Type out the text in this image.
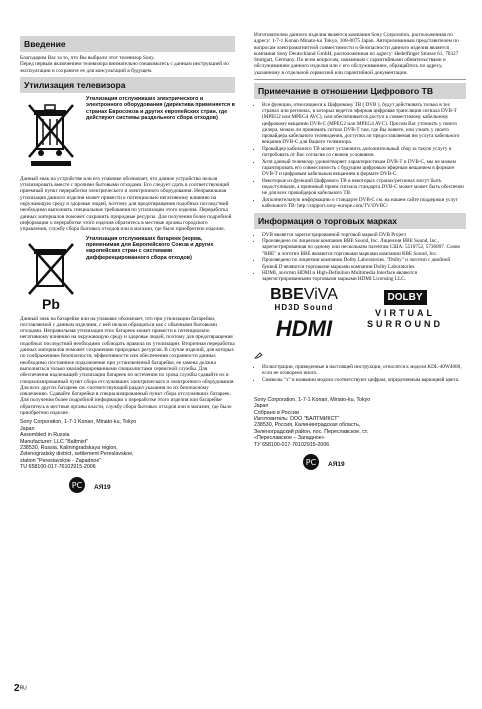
Введение
Благодарим Вас за то, что Вы выбрали этот телевизор Sony.
Перед первым включением телевизора внимательно ознакомьтесь с данным инструкцией по эксплуатации и сохраните ее для консультаций в будущем.
Утилизация телевизора
Утилизация отслуживших электрического и электронного оборудования (директива применяется в странах Евросоюза и других европейских стран, где действуют системы раздельного сбора отходов)
Данный знак на устройстве или его упаковке обозначает, что данное устройство нельзя утилизировать вместе с прочими бытовыми отходами. Его следует сдать в соответствующий приемный пункт переработки электрического и электронного оборудования. Неправильная утилизация данного изделия может привести к потенциально негативному влиянию на окружающую среду и здоровье людей, поэтому для предотвращения подобных последствий необходимо выполнять специальные требования по утилизации этого изделия. Переработка данных материалов поможет сохранить природные ресурсы. Для получения более подробной информации о переработке этого изделия обратитесь в местные органы городского управления, службу сбора бытовых отходов или в магазин, где было приобретено изделие.
Pb
Утилизация отслуживших батареек (норма, применимая для Европейского Союза и других европейских стран с системами дифференцированного сбора отходов)
Данный знак на батарейке или на упаковке обозначает, что при утилизации батарейки, поставляемой с данным изделием, с ней нельзя обращаться как с обычными бытовыми отходами. Неправильная утилизация этих батареек может привести к потенциально негативному влиянию на окружающую среду и здоровье людей, поэтому для предотвращения подобных последствий необходимо соблюдать правила их утилизации. Вторичная переработка данных материалов поможет сохранению природных ресурсов. В случае изделий, для которых по соображениям безопасности, эффективности или обеспечения сохранности данных необходимо постоянное подключение при установленной батарейке, ее замена должна выполняться только квалифицированными специалистами сервисной службы. Для обеспечения надлежащей утилизации батареек по истечении их срока службы сдавайте их в специализированный пункт сбора отслуживших электрического и электронного оборудования. Для всех других батареек см. соответствующий раздел указания по их безопасному извлечению. Сдавайте батарейки в специализированный пункт сбора отслуживших батареек. Для получения более подробной информации о переработке этого изделия или батарейке обратитесь в местные органы власти, службу сбора бытовых отходов или в магазин, где было приобретено изделие.
Sony Corporation, 1-7-1 Konan, Minato-ku, Tokyo
Japan
Assembled in Russia
Manufacturer: LLC "Baltmixt"
238530, Russia, Kaliningradskaya region,
Zelenogradsky district, settlement Pereslavskoe,
station "Pereslavskoe - Zapadnoe"
TU 658100-017-76102915-2006
РС АЯ19
2RU
Изготовителем данного изделия является компания Sony Corporation, расположенная по адресу: 1-7-1 Konan Minato-ku Tokyo, 108-0075 Japan. Авторизованным представителем по вопросам электромагнитной совместимости и безопасности данного изделия является компания Sony Deutschland GmbH, расположенная по адресу: Hedelfinger Strasse 61, 70327 Stuttgart, Germany. По всем вопросам, связанным с гарантийными обязательствами и обслуживанием данного изделия или с его обслуживанием, обращайтесь по адресу, указанному в отдельной сервисной или гарантийной документации.
Примечание в отношении Цифрового ТВ
• Все функции, относящиеся к Цифровому ТВ ( DVB ), будут действовать только в тех странах или регионах, в которых ведется эфирная цифровая трансляция сигнала DVB-T (MPEG2 или MPEG4 AVC), или обеспечивается доступ к совместимому кабельному цифровому вещанию DVB-C (MPEG2 или MPEG4 AVC). Просим Вас уточнить у своего дилера, можно ли принимать сигнал DVB-T там, где Вы живете, или узнать у своего провайдера кабельного телевидения, доступна ли предоставляемая им услуга кабельного вещания DVB-C для Вашего телевизора.
• Провайдер кабельного ТВ может установить дополнительный сбор за такую услугу и потребовать от Вас согласия со своими условиями.
• Хотя данный телевизор удовлетворяет характеристикам DVB-T и DVB-C, мы не можем гарантировать его совместимость с будущим цифровым эфирным вещанием в формате DVB-T и цифровым кабельным вещанием в формате DVB-C.
• Некоторые из функций Цифрового ТВ в некоторых странах/регионах могут быть недоступными, а приемный прием сигнала стандарта DVB-C может может быть обеспечен не для всех провайдеров кабельного ТВ.
• Дополнительную информацию о стандарте DVB-C см. на нашем сайте поддержки услуг кабельного ТВ: http://support.sony-europe.com/TV/DVBC/
Информация о торговых марках
• DVB является зарегистрированной торговой маркой DVB Project
• Произведено по лицензии компании BBE Sound, Inc. Лицензия BBE Sound, Inc., зарегистрированная по одному или нескольким патентам США: 5510752, 5736897. Слово "BBE" и логотип BBE являются торговыми марками компании BBE Sound, Inc.
• Произведено по лицензии компании Dolby Laboratories. "Dolby" и логотип с двойной буквой D являются торговыми марками компании Dolby Laboratories.
• HDMI, логотип HDMI и High-Definition Multimedia Interface являются зарегистрированными торговыми марками HDMI Licensing LLC.
BBEViVA
HD3D Sound
HDMI
DOLBY
VIRTUAL SURROUND
• Иллюстрации, приведенные в настоящей инструкции, относятся к модели KDL-40W4000, если не оговорено иного.
• Символы "x" в названии модели соответствуют цифрам, определяемым вариацией цвета.
Sony Corporation, 1-7-1 Konan, Minato-ku, Tokyo
Japan
Собрано в России
Изготовитель: ООО "БАЛТМИКСТ"
238530, Россия, Калининградская область,
Зеленоградский район, пос. Переславское, ст.
«Переславское – Западное»
ТУ 658100-017-76102915-2006
РС АЯ19
